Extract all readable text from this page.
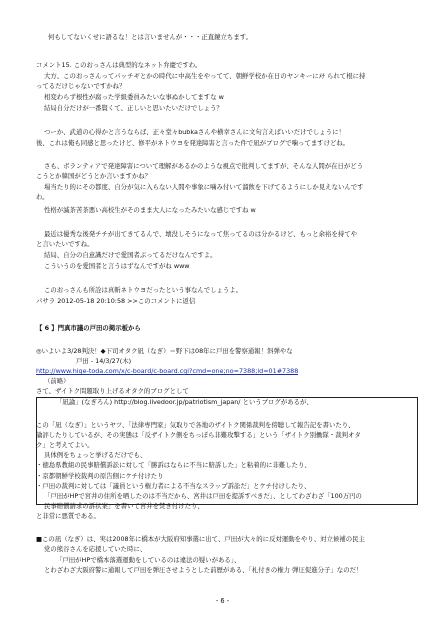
何もしてないくせに語るな！とは言いませんが・・・正直鏡立ちます。
コメント15. このおっさんは典型的なネット弁慶ですわ。
大方、このおっさんってパッチギとかの時代に中高生をやってて、朝鮮学校か在日のヤンキーにﾒﾁ られて根に持
ってるだけじゃないですかね？
相変わらず根性が腐った学級委員みたいな事ぬかしてますな w
結局自分だけが一番賢くて、正しいと思いたいだけでしょう？
つーか、武道の心得かと言うならば、正々堂々bubkaさんや横幸さんに文句言えばいいだけでしょうに！
後、これは俺も同感と思ったけど、修平がネトウヨを発達障害と言った件で凪がブログで噛ってますけどね。
さも、ボランティアで発達障害について理解があるかのような視点で批判してますが、そんな人間が在日がどう
こうとか韓国がどうとか言いますかね？
場当たり的にその都度、自分が気に入らない人間や事象に噛み付いて溜飲を下げてるようにしか見えないんです
わ。
性格が滅茶苦茶悪い高校生がそのまま大人になったみたいな感じですね w
最近は優秀な後発チチが出てきてるんで、壊没しそうになって焦ってるのは分かるけど、もっと余裕を持てや
と言いたいですね。
結局、自分の自意識だけで愛国者ぶってるだけなんですよ。
こういうのを愛国者と言うはずなんですがね www
このおっさんも所詮は真斬ネトウヨだったという事なんでしょうよ。
パサラ 2012-05-18 20:10:58 >>このコメントに返信
【 6 】門真市議の戸田の掲示板から
◎いよいよ3/28判決！◆下司オタク凪（なぎ）＝野下は08年に戸田を警察通報！斜弾やな
戸田 - 14/3/27(木)
http://www.hige-toda.com/x/c-board/c-board.cgi?cmd=one;no=7388;id=01#7388
（前略）
さて、ザイトク問題取り上げるオタク的ブログとして
「凪論」(なぎろん) http://blog.livedoor.jp/patriotism_japan/ というブログがあるが、
この「凪（なぎ）」というヤツ、「法律専門家」気取りで各地のザイトク関係裁判を傍聴して報告記を書いたり、
論評したりしているが、その実態は「反ザイトク側をちっぽら非難攻撃する」という「ザイトク別働隊・裁判オタ
ク」と考えてよい。
具体例をちょっと挙げるだけでも、
・徳島県教組の民事賠償訴訟に対して「勝訴はならに不当に賠訴した」と粘着的に非難したり、
・京都朝鮮学校裁判の原告側にケチ付けたり
・戸田の裁判に対しては「議員という権力者による不当なスラップ訴訟だ」とケチ付けしたり、
「戸田がHPで宮井の住所を晒したのは不当だから、宮井は戸田を提訴すべきだ」、としてわざわざ「100万円の
民事賠償請求の訴状案」を書いて宮井を焚き付けたり、
と非常に悪質である。
■この凪（なぎ）は、実は2008年に橋本が大阪府知事選に出て、戸田が大々的に反対運動をやり、対立候補の民主
党の熊谷さんを応援していた時に、
「戸田がHPで橋本落選運動をしているのは違法の疑いがある」、
とわざわざ大阪府警に通報して戸田を弾圧させようとした前歴がある、「札付きの権力 弾圧促進分子」なのだ！
- 6 -
